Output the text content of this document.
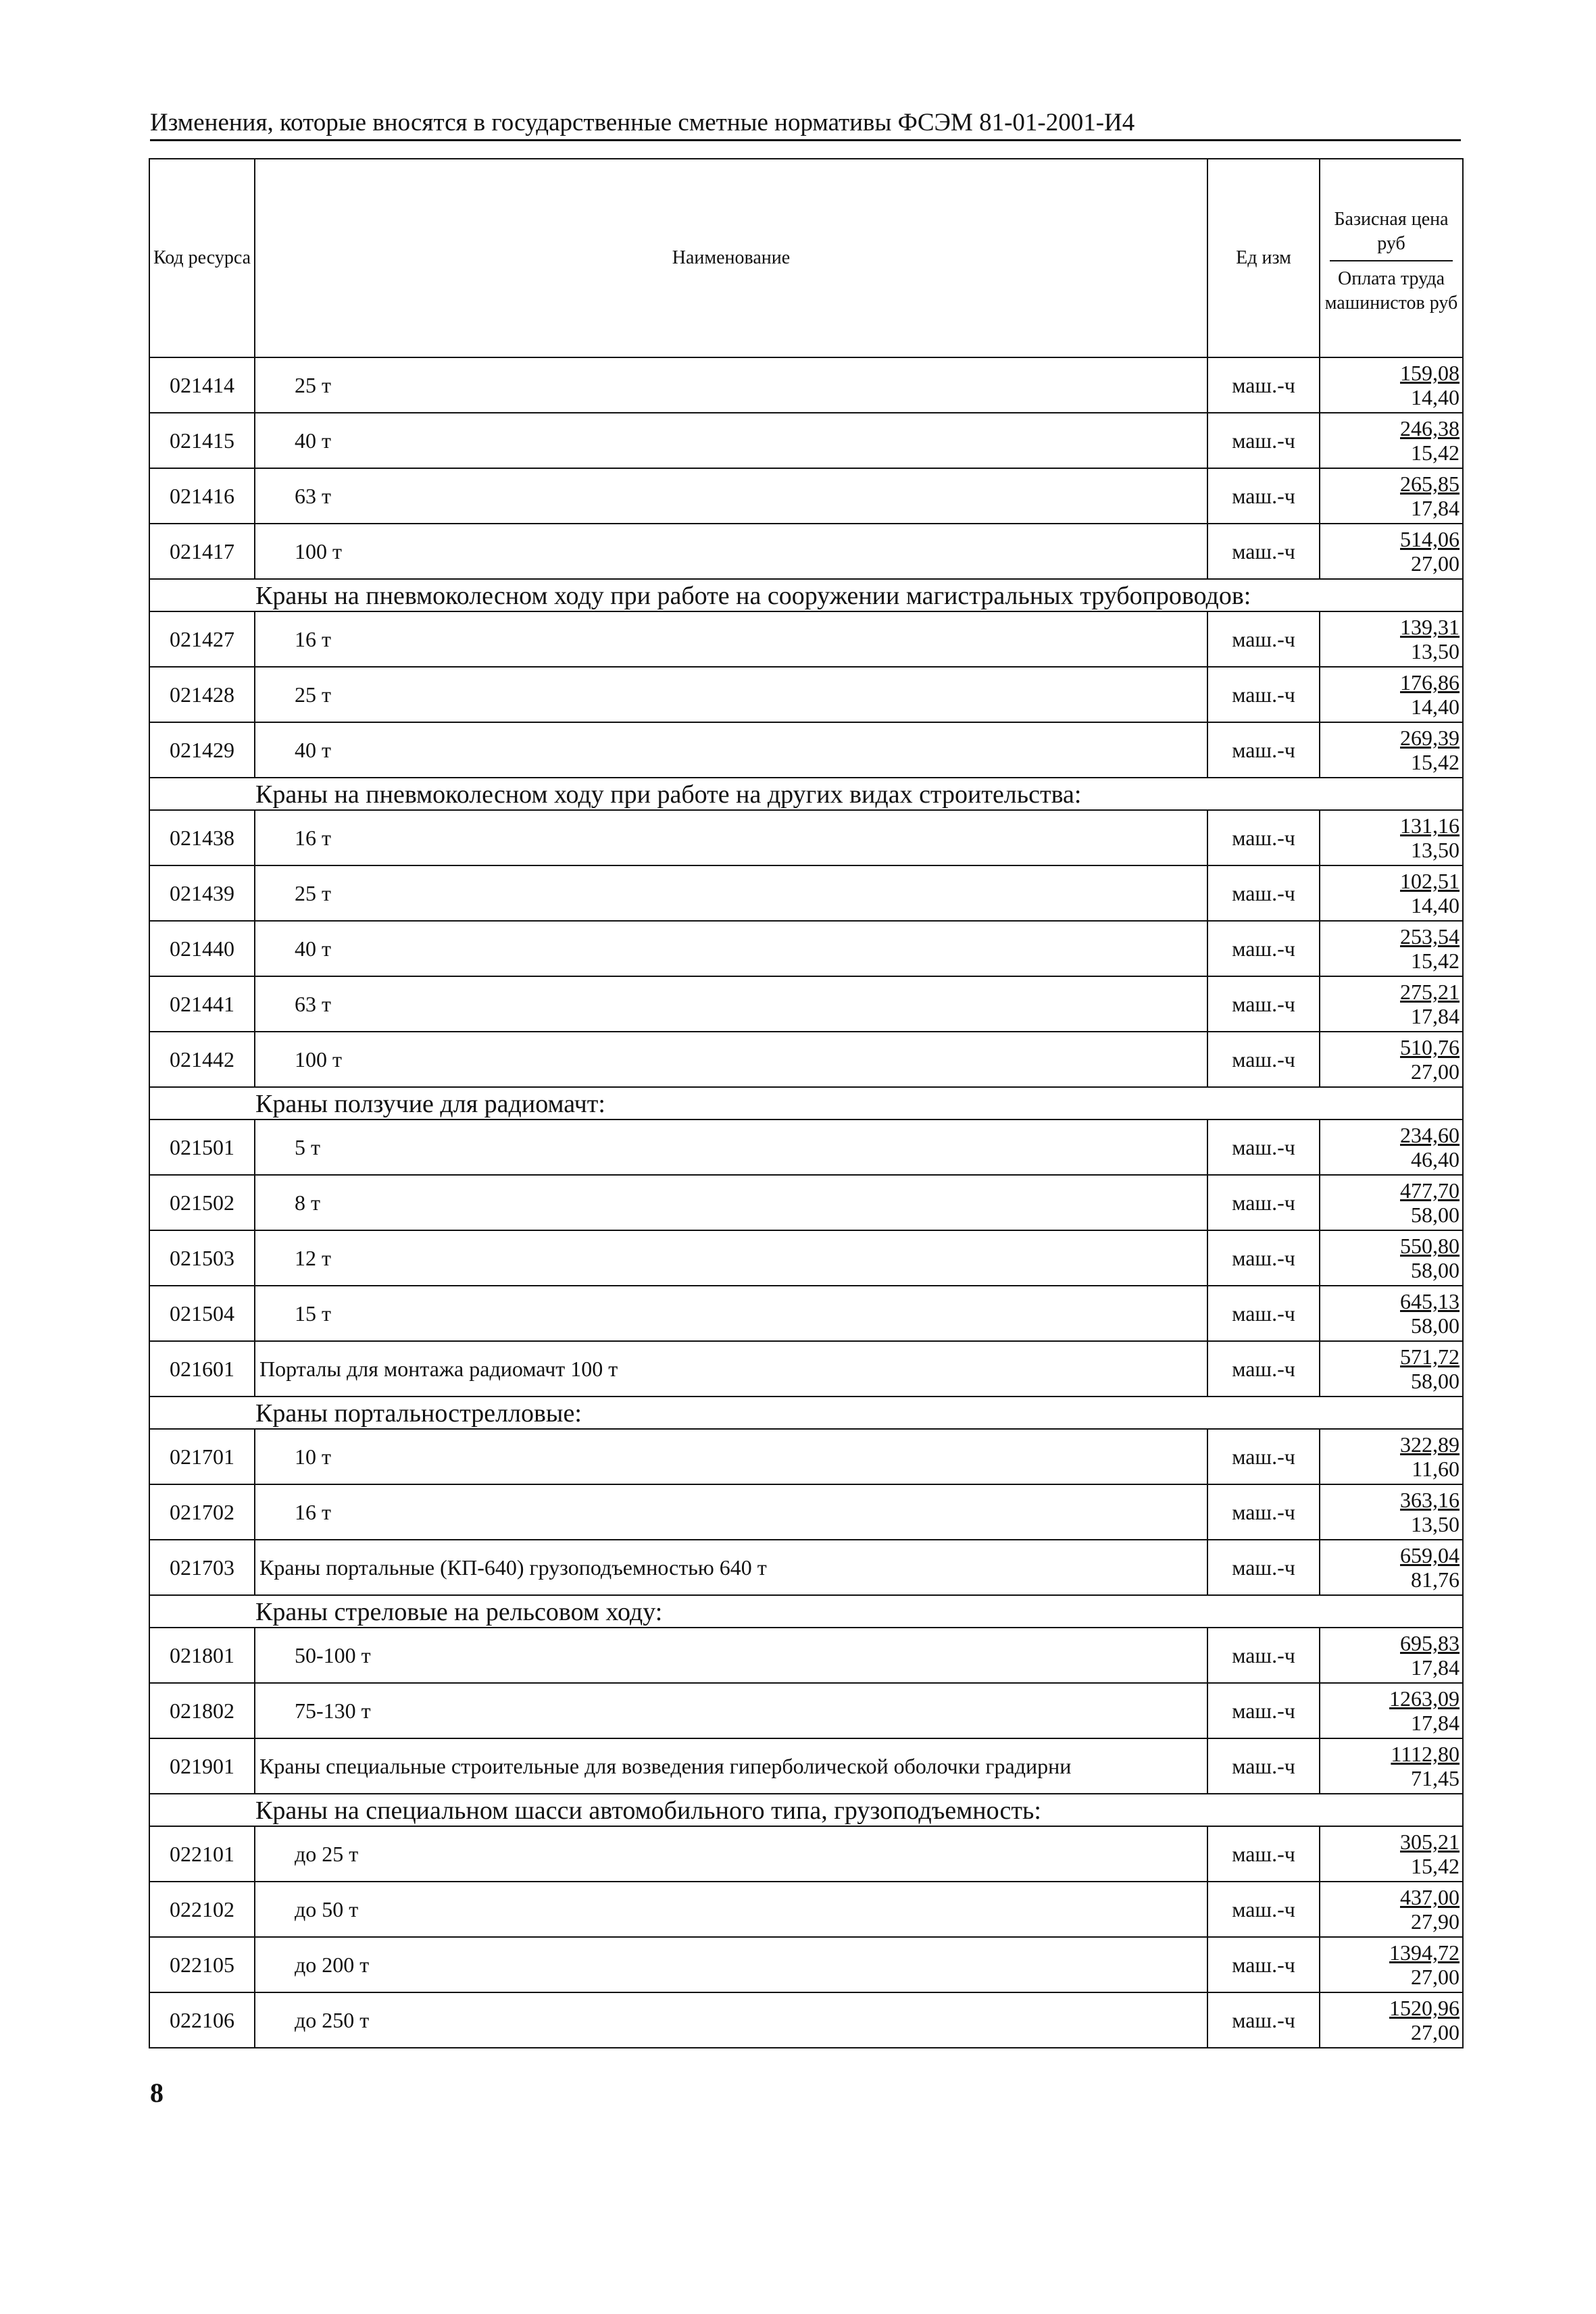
Изменения, которые вносятся в государственные сметные нормативы ФСЭМ 81-01-2001-И4
Код ресурса	Наименование	Ед изм	Базисная цена руб
Оплата труда машинистов руб

021414	25 т	маш.-ч	159,08
14,40

021415	40 т	маш.-ч	246,38
15,42

021416	63 т	маш.-ч	265,85
17,84

021417	100 т	маш.-ч	514,06
27,00

Краны на пневмоколесном ходу при работе на сооружении магистральных трубопроводов:			

021427	16 т	маш.-ч	139,31
13,50

021428	25 т	маш.-ч	176,86
14,40

021429	40 т	маш.-ч	269,39
15,42

Краны на пневмоколесном ходу при работе на других видах строительства:			

021438	16 т	маш.-ч	131,16
13,50

021439	25 т	маш.-ч	102,51
14,40

021440	40 т	маш.-ч	253,54
15,42

021441	63 т	маш.-ч	275,21
17,84

021442	100 т	маш.-ч	510,76
27,00

Краны ползучие для радиомачт:			

021501	5 т	маш.-ч	234,60
46,40

021502	8 т	маш.-ч	477,70
58,00

021503	12 т	маш.-ч	550,80
58,00

021504	15 т	маш.-ч	645,13
58,00

021601	Порталы для монтажа радиомачт 100 т	маш.-ч	571,72
58,00

Краны портальнострелловые:			

021701	10 т	маш.-ч	322,89
11,60

021702	16 т	маш.-ч	363,16
13,50

021703	Краны портальные (КП-640) грузоподъемностью 640 т	маш.-ч	659,04
81,76

Краны стреловые на рельсовом ходу:			

021801	50-100 т	маш.-ч	695,83
17,84

021802	75-130 т	маш.-ч	1263,09
17,84

021901	Краны специальные строительные для возведения гиперболической оболочки градирни	маш.-ч	1112,80
71,45

Краны на специальном шасси автомобильного типа, грузоподъемность:			

022101	до 25 т	маш.-ч	305,21
15,42

022102	до 50 т	маш.-ч	437,00
27,90

022105	до 200 т	маш.-ч	1394,72
27,00

022106	до 250 т	маш.-ч	1520,96
27,00
8
